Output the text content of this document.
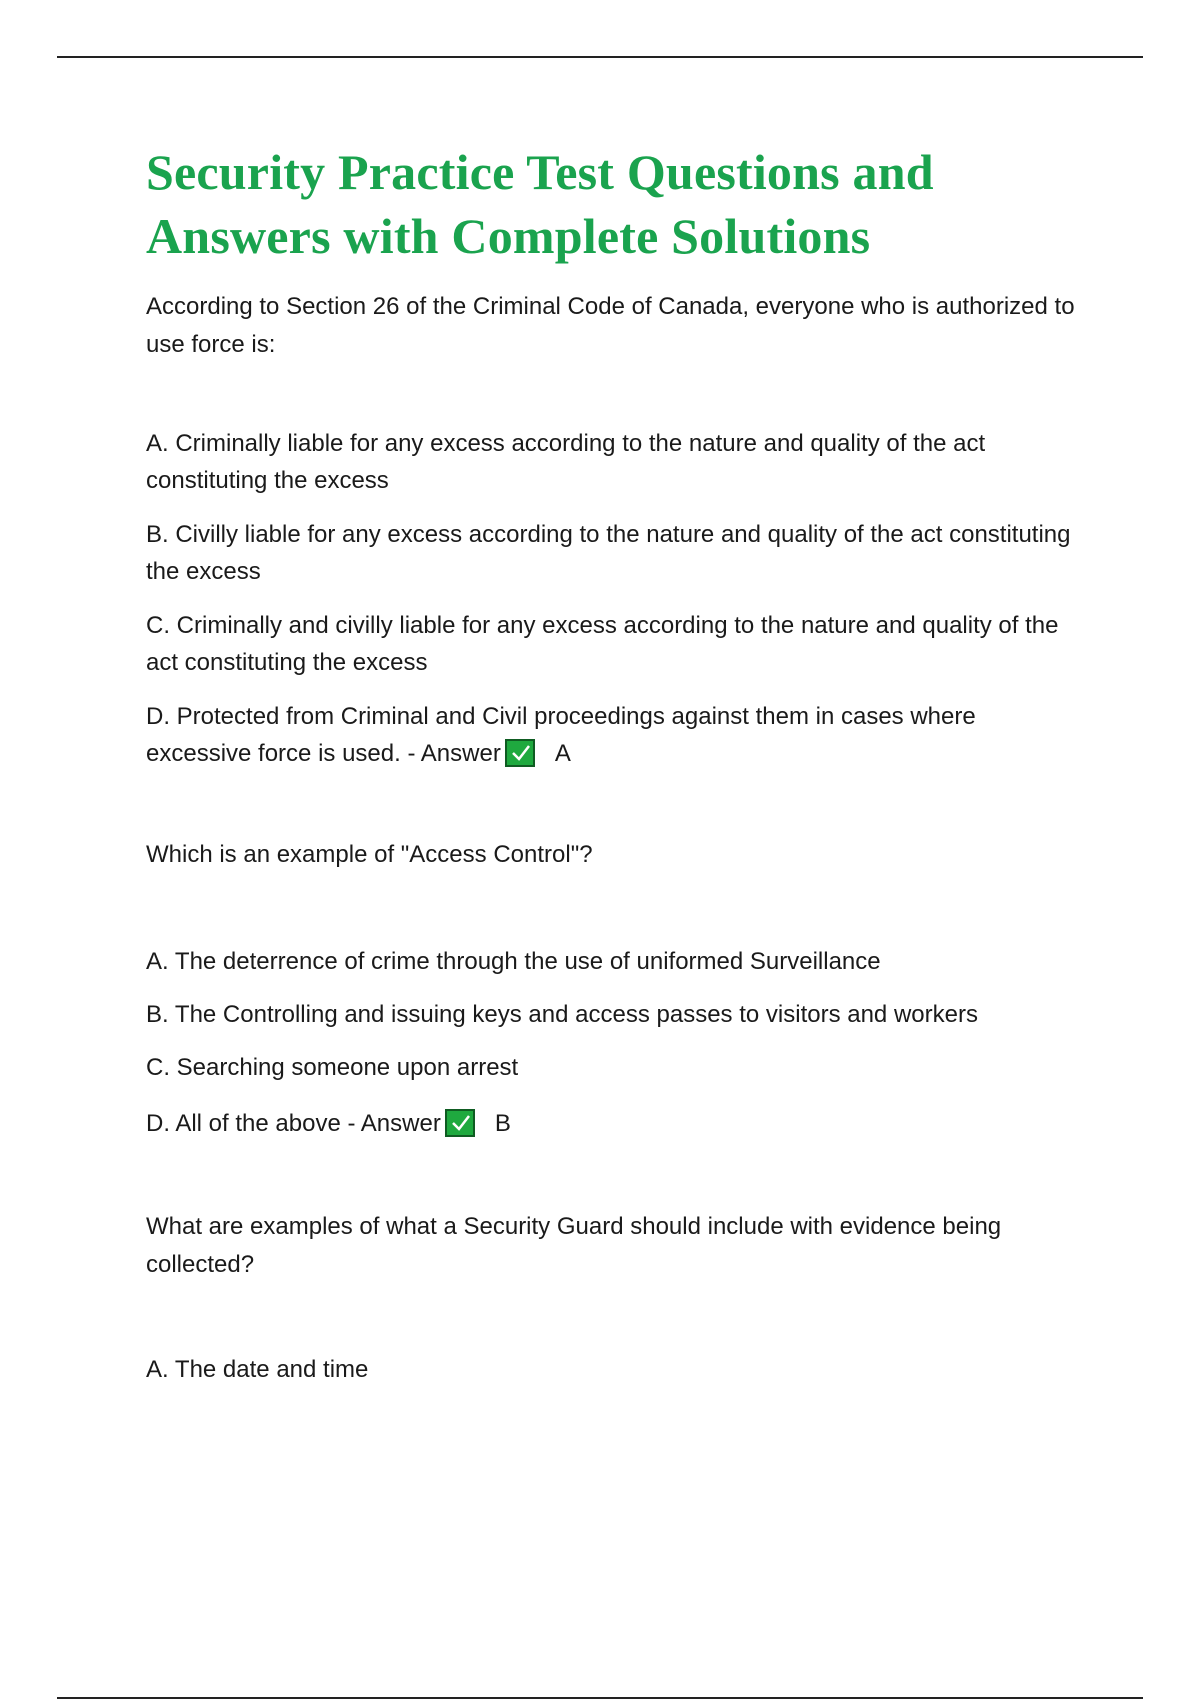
Security Practice Test Questions and Answers with Complete Solutions

According to Section 26 of the Criminal Code of Canada, everyone who is authorized to use force is:

A. Criminally liable for any excess according to the nature and quality of the act constituting the excess

B. Civilly liable for any excess according to the nature and quality of the act constituting the excess

C. Criminally and civilly liable for any excess according to the nature and quality of the act constituting the excess

D. Protected from Criminal and Civil proceedings against them in cases where excessive force is used. - Answer A

Which is an example of "Access Control"?

A. The deterrence of crime through the use of uniformed Surveillance

B. The Controlling and issuing keys and access passes to visitors and workers

C. Searching someone upon arrest

D. All of the above - Answer B

What are examples of what a Security Guard should include with evidence being collected?

A. The date and time
